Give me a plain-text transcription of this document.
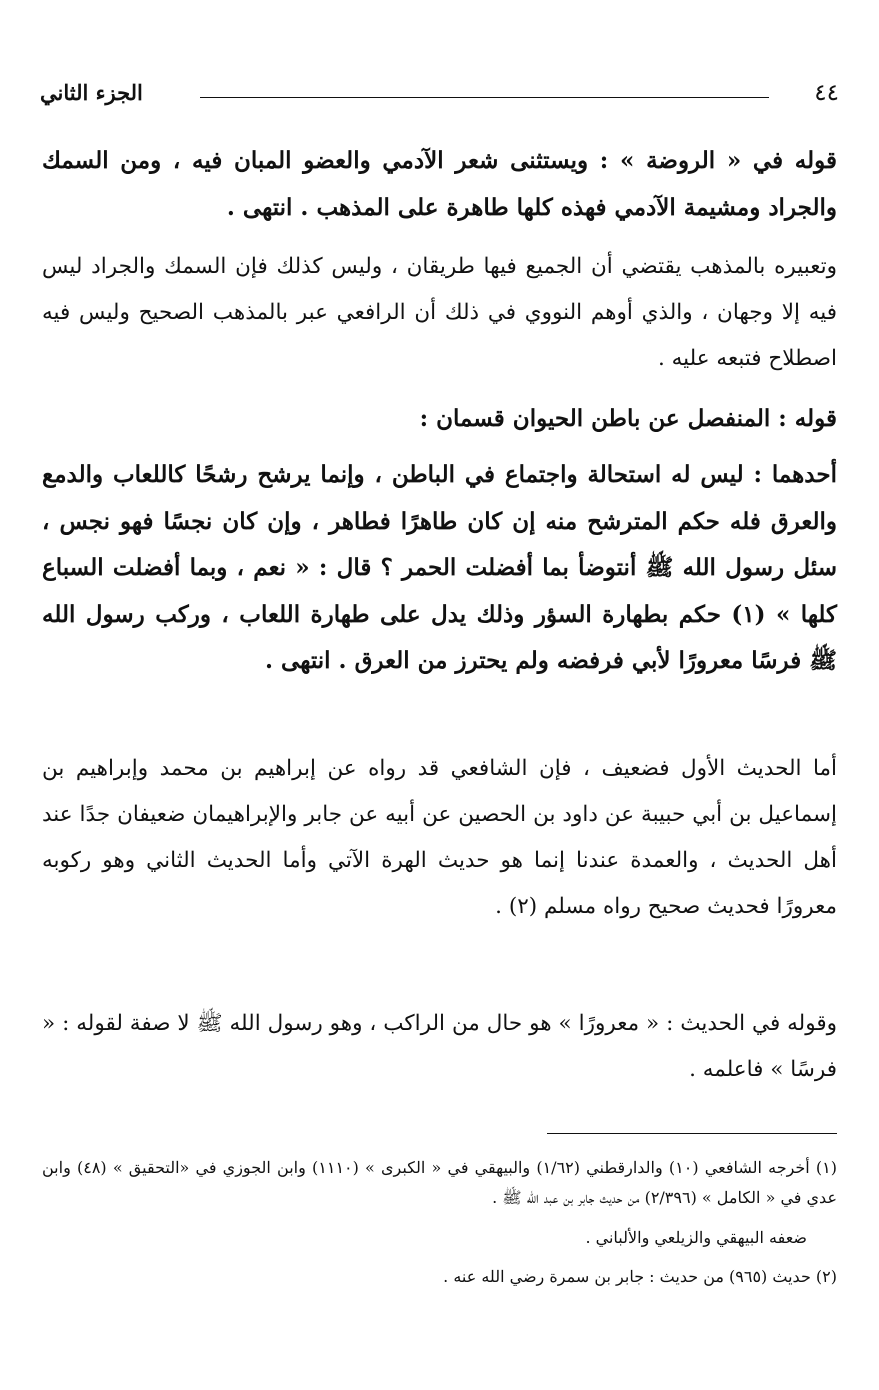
٤٤
الجزء الثاني

قوله في « الروضة » : ويستثنى شعر الآدمي والعضو المبان فيه ، ومن السمك والجراد ومشيمة الآدمي فهذه كلها طاهرة على المذهب . انتهى .

وتعبيره بالمذهب يقتضي أن الجميع فيها طريقان ، وليس كذلك فإن السمك والجراد ليس فيه إلا وجهان ، والذي أوهم النووي في ذلك أن الرافعي عبر بالمذهب الصحيح وليس فيه اصطلاح فتبعه عليه .

قوله : المنفصل عن باطن الحيوان قسمان :

أحدهما : ليس له استحالة واجتماع في الباطن ، وإنما يرشح رشحًا كاللعاب والدمع والعرق فله حكم المترشح منه إن كان طاهرًا فطاهر ، وإن كان نجسًا فهو نجس ، سئل رسول الله ﷺ أنتوضأ بما أفضلت الحمر ؟ قال : « نعم ، وبما أفضلت السباع كلها » (١) حكم بطهارة السؤر وذلك يدل على طهارة اللعاب ، وركب رسول الله ﷺ فرسًا معرورًا لأبي فرفضه ولم يحترز من العرق . انتهى .

أما الحديث الأول فضعيف ، فإن الشافعي قد رواه عن إبراهيم بن محمد وإبراهيم بن إسماعيل بن أبي حبيبة عن داود بن الحصين عن أبيه عن جابر والإبراهيمان ضعيفان جدًا عند أهل الحديث ، والعمدة عندنا إنما هو حديث الهرة الآتي وأما الحديث الثاني وهو ركوبه معرورًا فحديث صحيح رواه مسلم (٢) .

وقوله في الحديث : « معرورًا » هو حال من الراكب ، وهو رسول الله ﷺ لا صفة لقوله : « فرسًا » فاعلمه .

(١) أخرجه الشافعي (١٠) والدارقطني (١/٦٢) والبيهقي في « الكبرى » (١١١٠) وابن الجوزي في «التحقيق » (٤٨) وابن عدي في « الكامل » (٢/٣٩٦) من حديث جابر بن عبد الله ﷺ .

ضعفه البيهقي والزيلعي والألباني .

(٢) حديث (٩٦٥) من حديث : جابر بن سمرة رضي الله عنه .
